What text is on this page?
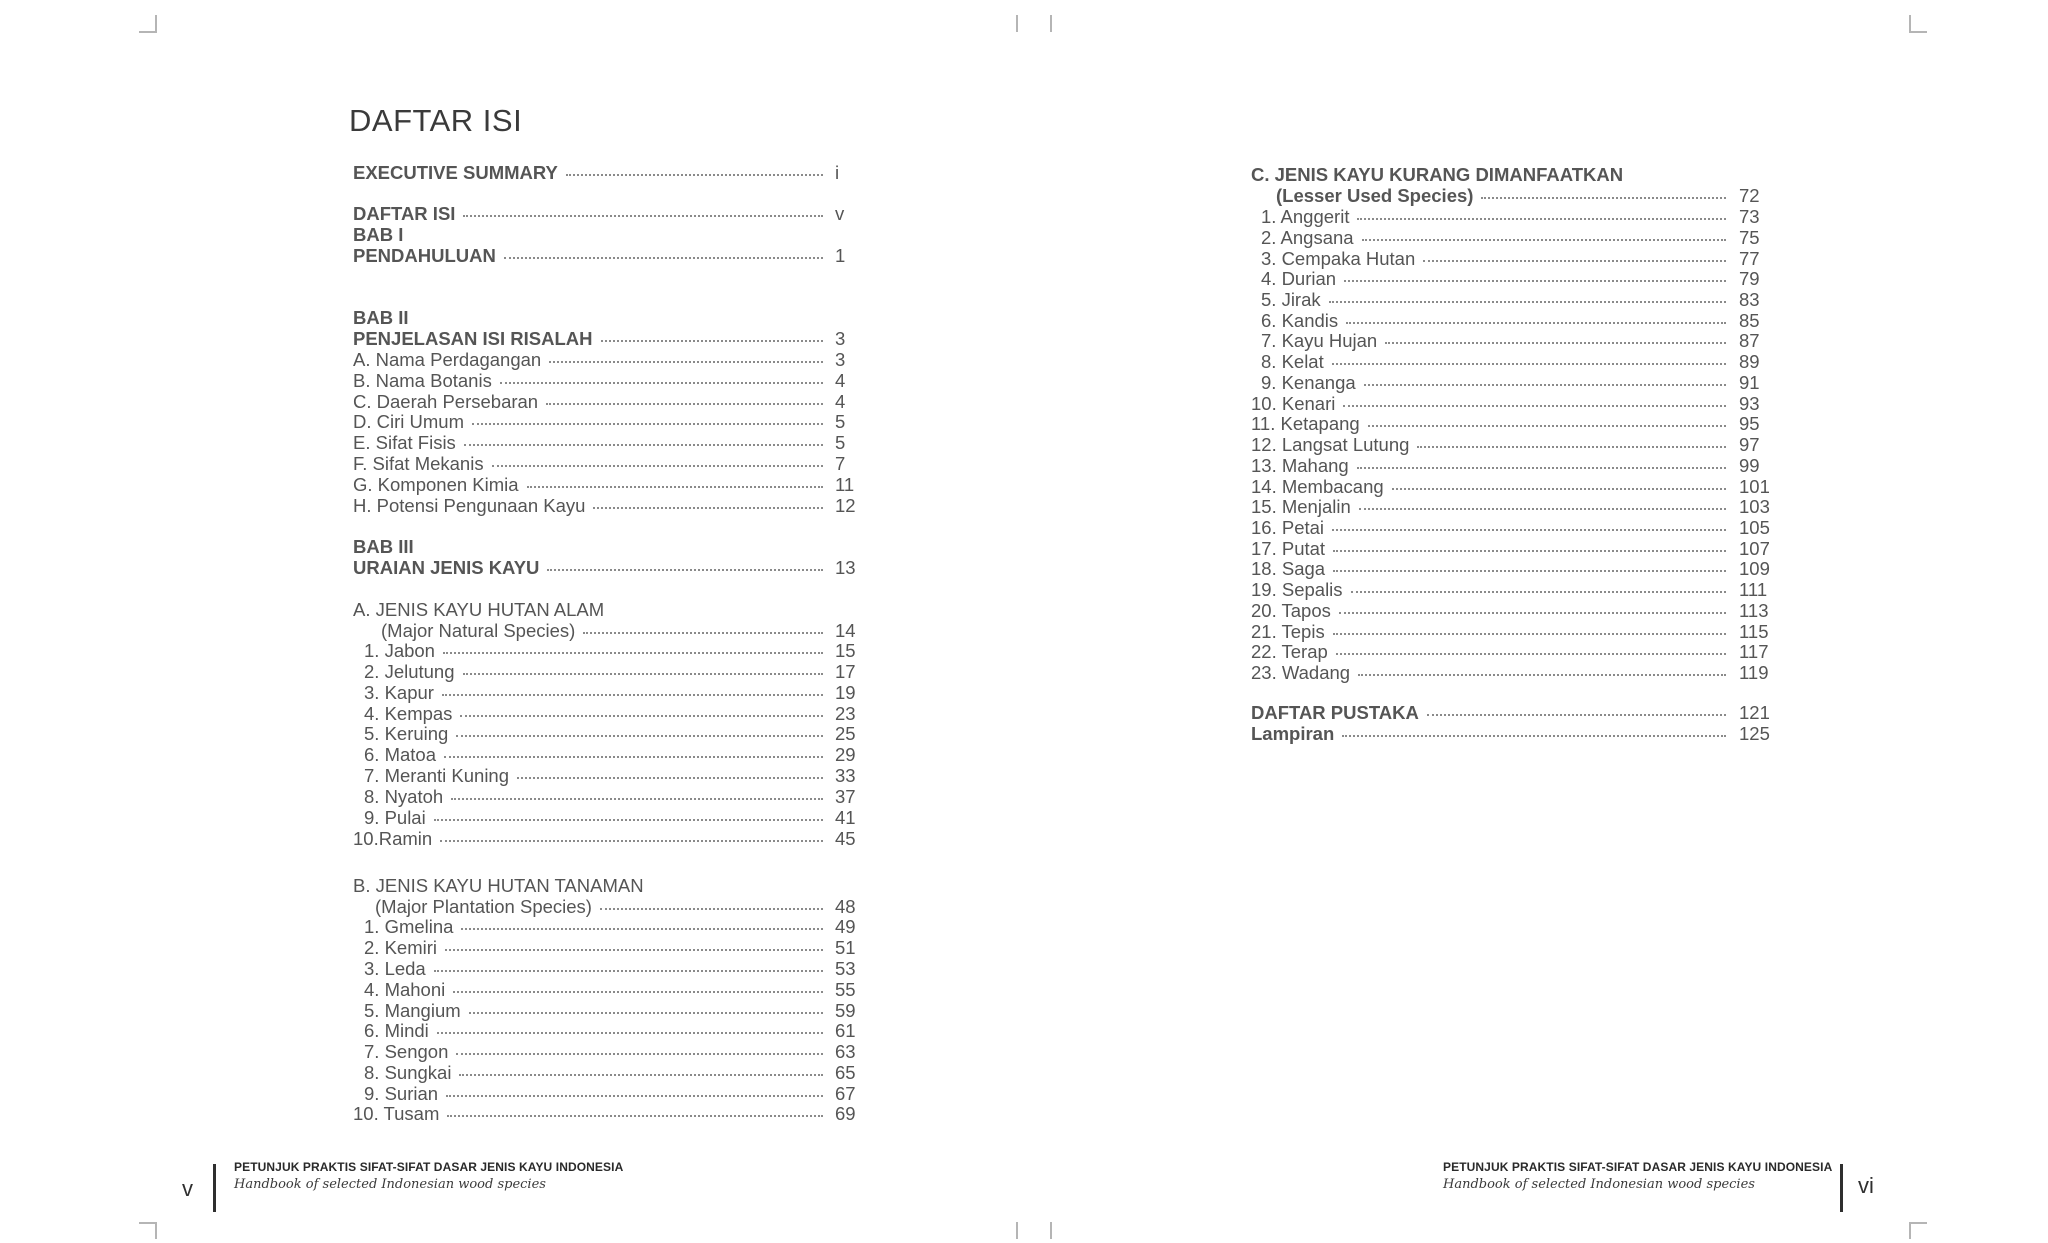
DAFTAR ISI
EXECUTIVE SUMMARY	i
DAFTAR ISI	v
BAB I
PENDAHULUAN	1
BAB II
PENJELASAN ISI RISALAH	3
A. Nama Perdagangan	3
B. Nama Botanis	4
C. Daerah Persebaran	4
D. Ciri Umum	5
E. Sifat Fisis	5
F. Sifat Mekanis	7
G. Komponen Kimia	11
H. Potensi Pengunaan Kayu	12
BAB III
URAIAN JENIS KAYU	13
A. JENIS KAYU HUTAN ALAM
(Major Natural Species)	14
1. Jabon	15
2. Jelutung	17
3. Kapur	19
4. Kempas	23
5. Keruing	25
6. Matoa	29
7. Meranti Kuning	33
8. Nyatoh	37
9. Pulai	41
10.Ramin	45
B. JENIS KAYU HUTAN TANAMAN
(Major Plantation Species)	48
1. Gmelina	49
2. Kemiri	51
3. Leda	53
4. Mahoni	55
5. Mangium	59
6. Mindi	61
7. Sengon	63
8. Sungkai	65
9. Surian	67
10. Tusam	69
C. JENIS KAYU KURANG DIMANFAATKAN
(Lesser Used Species)	72
1. Anggerit	73
2. Angsana	75
3. Cempaka Hutan	77
4. Durian	79
5. Jirak	83
6. Kandis	85
7. Kayu Hujan	87
8. Kelat	89
9. Kenanga	91
10. Kenari	93
11. Ketapang	95
12. Langsat Lutung	97
13. Mahang	99
14. Membacang	101
15. Menjalin	103
16. Petai	105
17. Putat	107
18. Saga	109
19. Sepalis	111
20. Tapos	113
21. Tepis	115
22. Terap	117
23. Wadang	119
DAFTAR PUSTAKA	121
Lampiran	125
v
PETUNJUK PRAKTIS SIFAT-SIFAT DASAR JENIS KAYU INDONESIA
Handbook of selected Indonesian wood species
PETUNJUK PRAKTIS SIFAT-SIFAT DASAR JENIS KAYU INDONESIA
Handbook of selected Indonesian wood species	vi
